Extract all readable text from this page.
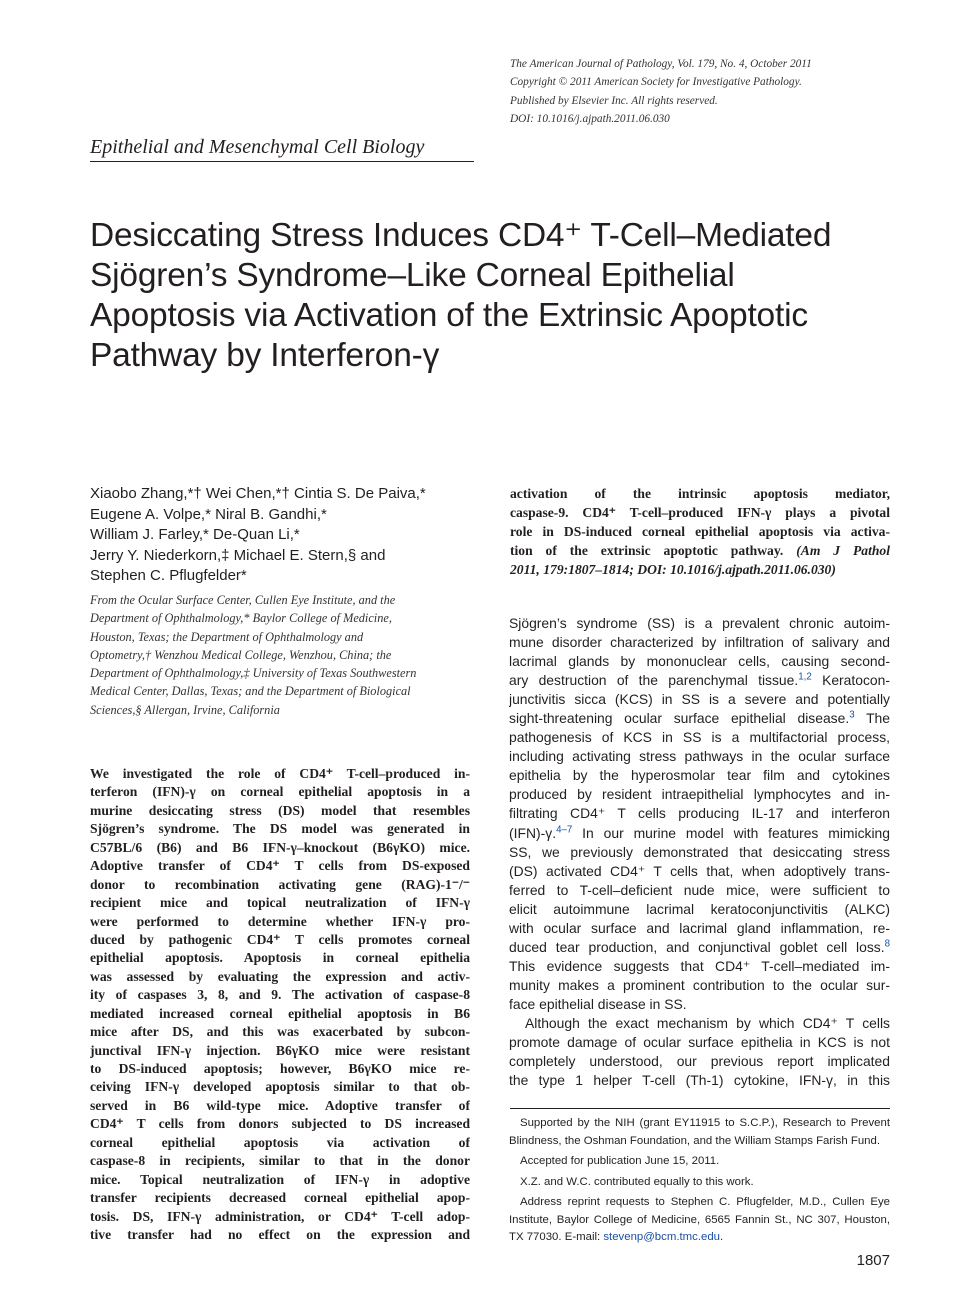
The American Journal of Pathology, Vol. 179, No. 4, October 2011
Copyright © 2011 American Society for Investigative Pathology.
Published by Elsevier Inc. All rights reserved.
DOI: 10.1016/j.ajpath.2011.06.030
Epithelial and Mesenchymal Cell Biology
Desiccating Stress Induces CD4⁺ T-Cell–Mediated
Sjögren’s Syndrome–Like Corneal Epithelial
Apoptosis via Activation of the Extrinsic Apoptotic
Pathway by Interferon-γ
Xiaobo Zhang,*† Wei Chen,*† Cintia S. De Paiva,*
Eugene A. Volpe,* Niral B. Gandhi,*
William J. Farley,* De-Quan Li,*
Jerry Y. Niederkorn,‡ Michael E. Stern,§ and
Stephen C. Pflugfelder*
From the Ocular Surface Center, Cullen Eye Institute, and the
Department of Ophthalmology,* Baylor College of Medicine,
Houston, Texas; the Department of Ophthalmology and
Optometry,† Wenzhou Medical College, Wenzhou, China; the
Department of Ophthalmology,‡ University of Texas Southwestern
Medical Center, Dallas, Texas; and the Department of Biological
Sciences,§ Allergan, Irvine, California
We investigated the role of CD4⁺ T-cell–produced in-
terferon (IFN)-γ on corneal epithelial apoptosis in a
murine desiccating stress (DS) model that resembles
Sjögren’s syndrome. The DS model was generated in
C57BL/6 (B6) and B6 IFN-γ–knockout (B6γKO) mice.
Adoptive transfer of CD4⁺ T cells from DS-exposed
donor to recombination activating gene (RAG)-1⁻/⁻
recipient mice and topical neutralization of IFN-γ
were performed to determine whether IFN-γ pro-
duced by pathogenic CD4⁺ T cells promotes corneal
epithelial apoptosis. Apoptosis in corneal epithelia
was assessed by evaluating the expression and activ-
ity of caspases 3, 8, and 9. The activation of caspase-8
mediated increased corneal epithelial apoptosis in B6
mice after DS, and this was exacerbated by subcon-
junctival IFN-γ injection. B6γKO mice were resistant
to DS-induced apoptosis; however, B6γKO mice re-
ceiving IFN-γ developed apoptosis similar to that ob-
served in B6 wild-type mice. Adoptive transfer of
CD4⁺ T cells from donors subjected to DS increased
corneal epithelial apoptosis via activation of
caspase-8 in recipients, similar to that in the donor
mice. Topical neutralization of IFN-γ in adoptive
transfer recipients decreased corneal epithelial apop-
tosis. DS, IFN-γ administration, or CD4⁺ T-cell adop-
tive transfer had no effect on the expression and
activation of the intrinsic apoptosis mediator,
caspase-9. CD4⁺ T-cell–produced IFN-γ plays a pivotal
role in DS-induced corneal epithelial apoptosis via activa-
tion of the extrinsic apoptotic pathway. (Am J Pathol
2011, 179:1807–1814; DOI: 10.1016/j.ajpath.2011.06.030)
Sjögren’s syndrome (SS) is a prevalent chronic autoim-
mune disorder characterized by infiltration of salivary and
lacrimal glands by mononuclear cells, causing second-
ary destruction of the parenchymal tissue.$^{1,2}$ Keratocon-
junctivitis sicca (KCS) in SS is a severe and potentially
sight-threatening ocular surface epithelial disease.$^3$ The
pathogenesis of KCS in SS is a multifactorial process,
including activating stress pathways in the ocular surface
epithelia by the hyperosmolar tear film and cytokines
produced by resident intraepithelial lymphocytes and in-
filtrating CD4⁺ T cells producing IL-17 and interferon
(IFN)-γ.$^{4-7}$ In our murine model with features mimicking
SS, we previously demonstrated that desiccating stress
(DS) activated CD4⁺ T cells that, when adoptively trans-
ferred to T-cell–deficient nude mice, were sufficient to
elicit autoimmune lacrimal keratoconjunctivitis (ALKC)
with ocular surface and lacrimal gland inflammation, re-
duced tear production, and conjunctival goblet cell loss.$^8$
This evidence suggests that CD4⁺ T-cell–mediated im-
munity makes a prominent contribution to the ocular sur-
face epithelial disease in SS.
Although the exact mechanism by which CD4⁺ T cells
promote damage of ocular surface epithelia in KCS is not
completely understood, our previous report implicated
the type 1 helper T-cell (Th-1) cytokine, IFN-γ, in this
Supported by the NIH (grant EY11915 to S.C.P.), Research to Prevent
Blindness, the Oshman Foundation, and the William Stamps Farish Fund.
Accepted for publication June 15, 2011.
X.Z. and W.C. contributed equally to this work.
Address reprint requests to Stephen C. Pflugfelder, M.D., Cullen Eye
Institute, Baylor College of Medicine, 6565 Fannin St., NC 307, Houston,
TX 77030. E-mail: stevenp@bcm.tmc.edu.
1807
